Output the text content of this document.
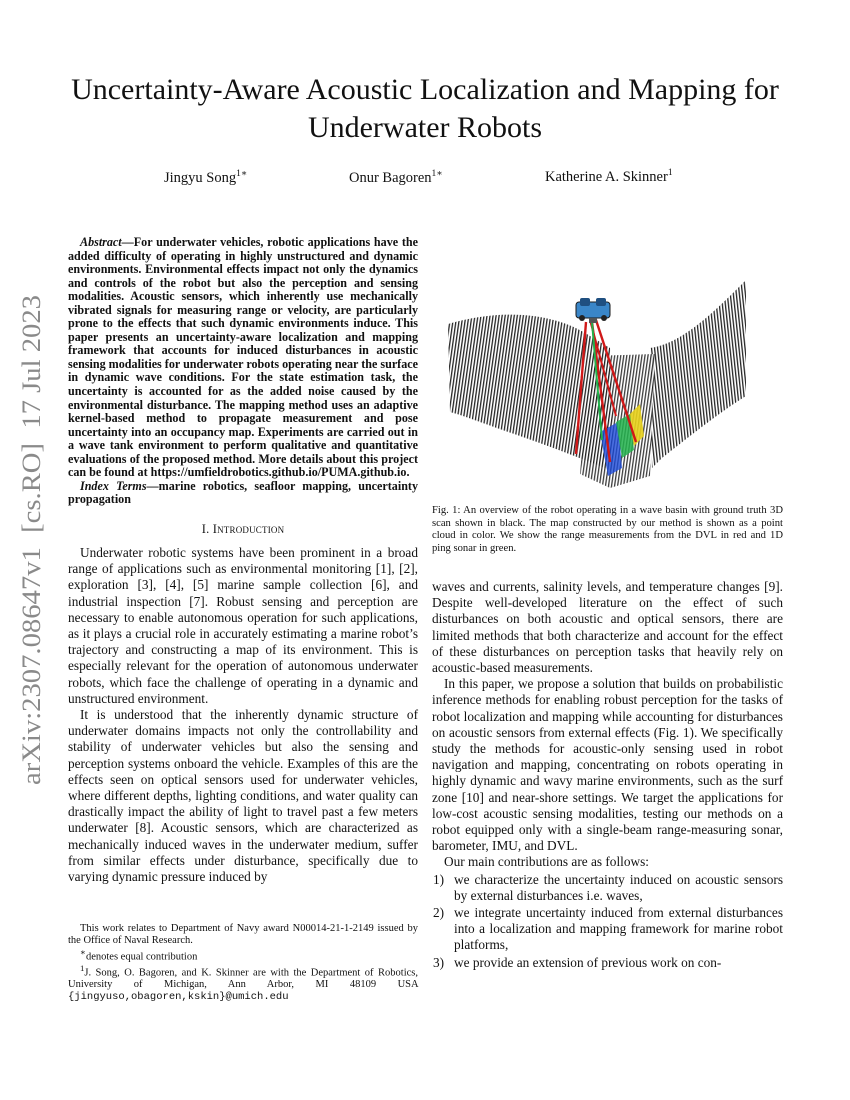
arXiv:2307.08647v1  [cs.RO]  17 Jul 2023
Uncertainty-Aware Acoustic Localization and Mapping for Underwater Robots
Jingyu Song$^{1∗}$	Onur Bagoren$^{1∗}$	Katherine A. Skinner$^1$

Abstract—For underwater vehicles, robotic applications have the added difficulty of operating in highly unstructured and dynamic environments. Environmental effects impact not only the dynamics and controls of the robot but also the perception and sensing modalities. Acoustic sensors, which inherently use mechanically vibrated signals for measuring range or velocity, are particularly prone to the effects that such dynamic environments induce. This paper presents an uncertainty-aware localization and mapping framework that accounts for induced disturbances in acoustic sensing modalities for underwater robots operating near the surface in dynamic wave conditions. For the state estimation task, the uncertainty is accounted for as the added noise caused by the environmental disturbance. The mapping method uses an adaptive kernel-based method to propagate measurement and pose uncertainty into an occupancy map. Experiments are carried out in a wave tank environment to perform qualitative and quantitative evaluations of the proposed method. More details about this project can be found at https://umfieldrobotics.github.io/PUMA.github.io.

Index Terms—marine robotics, seafloor mapping, uncertainty propagation

I. Introduction

Underwater robotic systems have been prominent in a broad range of applications such as environmental monitoring [1], [2], exploration [3], [4], [5] marine sample collection [6], and industrial inspection [7]. Robust sensing and perception are necessary to enable autonomous operation for such applications, as it plays a crucial role in accurately estimating a marine robot’s trajectory and constructing a map of its environment. This is especially relevant for the operation of autonomous underwater robots, which face the challenge of operating in a dynamic and unstructured environment.

It is understood that the inherently dynamic structure of underwater domains impacts not only the controllability and stability of underwater vehicles but also the sensing and perception systems onboard the vehicle. Examples of this are the effects seen on optical sensors used for underwater vehicles, where different depths, lighting conditions, and water quality can drastically impact the ability of light to travel past a few meters underwater [8]. Acoustic sensors, which are characterized as mechanically induced waves in the underwater medium, suffer from similar effects under disturbance, specifically due to varying dynamic pressure induced by

This work relates to Department of Navy award N00014-21-1-2149 issued by the Office of Naval Research.

∗denotes equal contribution

$^1$J. Song, O. Bagoren, and K. Skinner are with the Department of Robotics, University of Michigan, Ann Arbor, MI 48109 USA {jingyuso,obagoren,kskin}@umich.edu

Fig. 1: An overview of the robot operating in a wave basin with ground truth 3D scan shown in black. The map constructed by our method is shown as a point cloud in color. We show the range measurements from the DVL in red and 1D ping sonar in green.

waves and currents, salinity levels, and temperature changes [9]. Despite well-developed literature on the effect of such disturbances on both acoustic and optical sensors, there are limited methods that both characterize and account for the effect of these disturbances on perception tasks that heavily rely on acoustic-based measurements.

In this paper, we propose a solution that builds on probabilistic inference methods for enabling robust perception for the tasks of robot localization and mapping while accounting for disturbances on acoustic sensors from external effects (Fig. 1). We specifically study the methods for acoustic-only sensing used in robot navigation and mapping, concentrating on robots operating in highly dynamic and wavy marine environments, such as the surf zone [10] and near-shore settings. We target the applications for low-cost acoustic sensing modalities, testing our methods on a robot equipped only with a single-beam range-measuring sonar, barometer, IMU, and DVL.

Our main contributions are as follows:

1) we characterize the uncertainty induced on acoustic sensors by external disturbances i.e. waves,
2) we integrate uncertainty induced from external disturbances into a localization and mapping framework for marine robot platforms,
3) we provide an extension of previous work on con-
